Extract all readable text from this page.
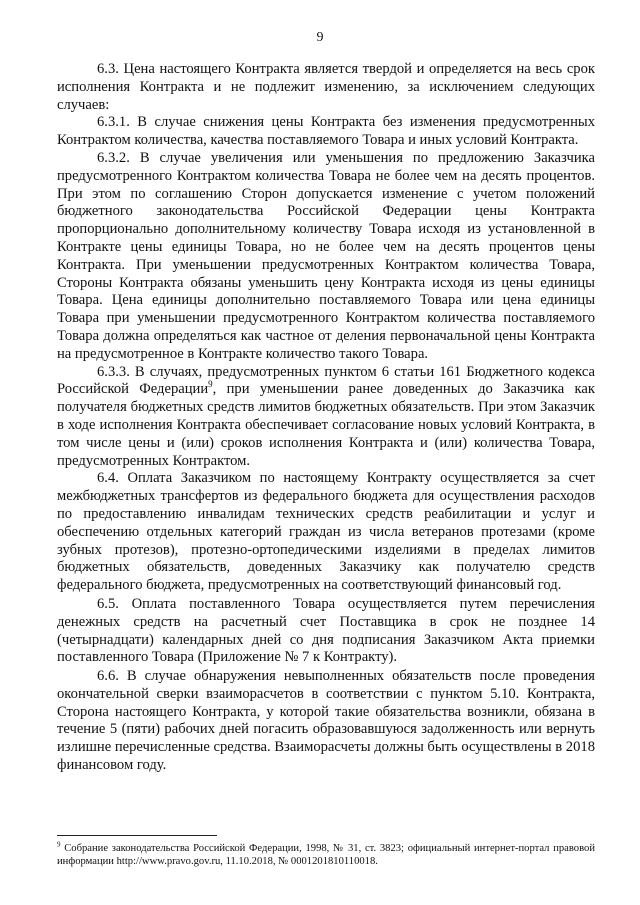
9

6.3. Цена настоящего Контракта является твердой и определяется на весь срок исполнения Контракта и не подлежит изменению, за исключением следующих случаев:

6.3.1. В случае снижения цены Контракта без изменения предусмотренных Контрактом количества, качества поставляемого Товара и иных условий Контракта.

6.3.2. В случае увеличения или уменьшения по предложению Заказчика предусмотренного Контрактом количества Товара не более чем на десять процентов. При этом по соглашению Сторон допускается изменение с учетом положений бюджетного законодательства Российской Федерации цены Контракта пропорционально дополнительному количеству Товара исходя из установленной в Контракте цены единицы Товара, но не более чем на десять процентов цены Контракта. При уменьшении предусмотренных Контрактом количества Товара, Стороны Контракта обязаны уменьшить цену Контракта исходя из цены единицы Товара. Цена единицы дополнительно поставляемого Товара или цена единицы Товара при уменьшении предусмотренного Контрактом количества поставляемого Товара должна определяться как частное от деления первоначальной цены Контракта на предусмотренное в Контракте количество такого Товара.

6.3.3. В случаях, предусмотренных пунктом 6 статьи 161 Бюджетного кодекса Российской Федерации$^9$, при уменьшении ранее доведенных до Заказчика как получателя бюджетных средств лимитов бюджетных обязательств. При этом Заказчик в ходе исполнения Контракта обеспечивает согласование новых условий Контракта, в том числе цены и (или) сроков исполнения Контракта и (или) количества Товара, предусмотренных Контрактом.

6.4. Оплата Заказчиком по настоящему Контракту осуществляется за счет межбюджетных трансфертов из федерального бюджета для осуществления расходов по предоставлению инвалидам технических средств реабилитации и услуг и обеспечению отдельных категорий граждан из числа ветеранов протезами (кроме зубных протезов), протезно-ортопедическими изделиями в пределах лимитов бюджетных обязательств, доведенных Заказчику как получателю средств федерального бюджета, предусмотренных на соответствующий финансовый год.

6.5. Оплата поставленного Товара осуществляется путем перечисления денежных средств на расчетный счет Поставщика в срок не позднее 14 (четырнадцати) календарных дней со дня подписания Заказчиком Акта приемки поставленного Товара (Приложение № 7 к Контракту).

6.6. В случае обнаружения невыполненных обязательств после проведения окончательной сверки взаиморасчетов в соответствии с пунктом 5.10. Контракта, Сторона настоящего Контракта, у которой такие обязательства возникли, обязана в течение 5 (пяти) рабочих дней погасить образовавшуюся задолженность или вернуть излишне перечисленные средства. Взаиморасчеты должны быть осуществлены в 2018 финансовом году.

$^9$ Собрание законодательства Российской Федерации, 1998, № 31, ст. 3823; официальный интернет-портал правовой информации http://www.pravo.gov.ru, 11.10.2018, № 0001201810110018.
